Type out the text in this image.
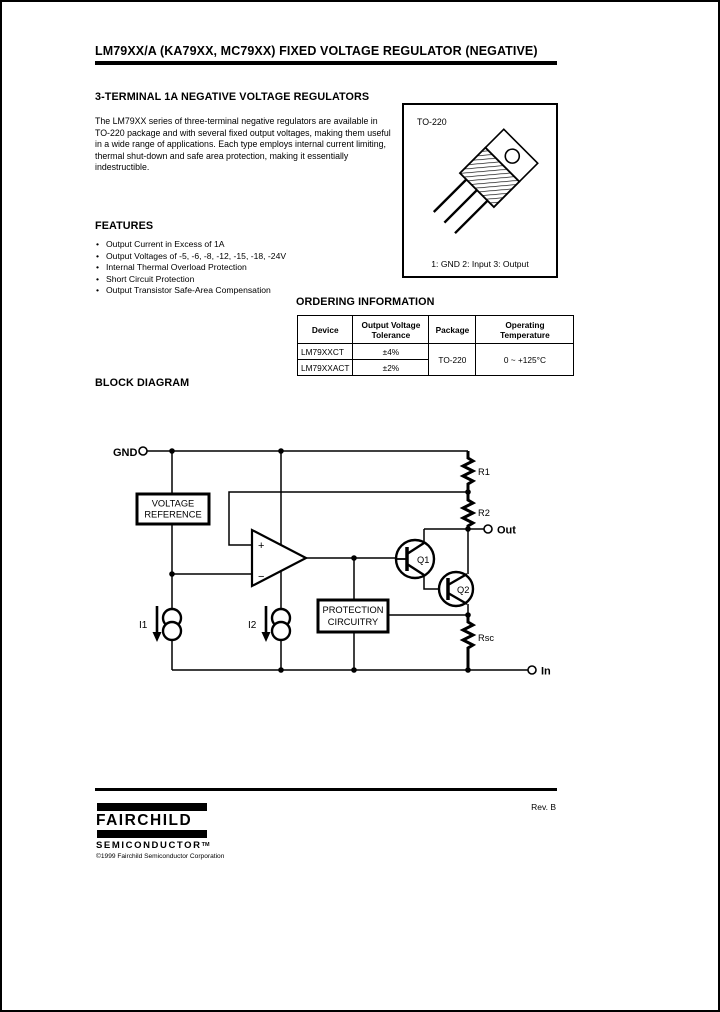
LM79XX/A (KA79XX, MC79XX) FIXED VOLTAGE REGULATOR (NEGATIVE)
3-TERMINAL 1A NEGATIVE VOLTAGE REGULATORS
The LM79XX series of three-terminal negative regulators are available in TO-220 package and with several fixed output voltages, making them useful in a wide range of applications. Each type employs internal current limiting, thermal shut-down and safe area protection, making it essentially indestructible.
TO-220
1: GND 2: Input 3: Output
FEATURES
• Output Current in Excess of 1A
• Output Voltages of -5, -6, -8, -12, -15, -18, -24V
• Internal Thermal Overload Protection
• Short Circuit Protection
• Output Transistor Safe-Area Compensation
ORDERING INFORMATION
Device	Output Voltage Tolerance	Package	Operating Temperature
LM79XXCT	±4%	TO-220	0 ~ +125°C
LM79XXACT	±2%		
BLOCK DIAGRAM
+
−
VOLTAGE
REFERENCE
PROTECTION
CIRCUITRY
Q1
Q2
GND
Out
In
R1
R2
Rsc
I1	I2
FAIRCHILD
SEMICONDUCTOR™
©1999 Fairchild Semiconductor Corporation
Rev. B
